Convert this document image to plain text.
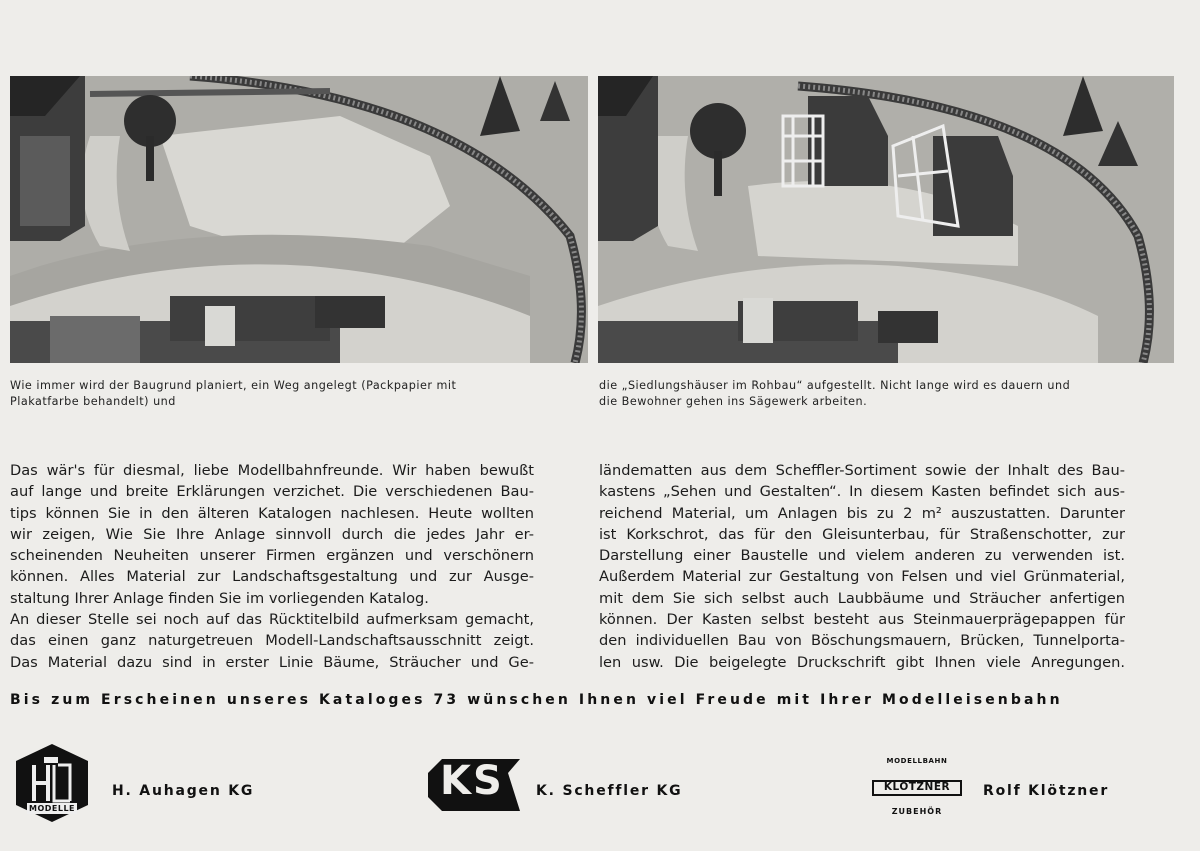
Wie immer wird der Baugrund planiert, ein Weg angelegt (Packpapier mit
Plakatfarbe behandelt) und
die „Siedlungshäuser im Rohbau“ aufgestellt. Nicht lange wird es dauern und
die Bewohner gehen ins Sägewerk arbeiten.

Das wär's für diesmal, liebe Modellbahnfreunde. Wir haben bewußt

auf lange und breite Erklärungen verzichet. Die verschiedenen Bau-

tips können Sie in den älteren Katalogen nachlesen. Heute wollten

wir zeigen, Wie Sie Ihre Anlage sinnvoll durch die jedes Jahr er-

scheinenden Neuheiten unserer Firmen ergänzen und verschönern

können. Alles Material zur Landschaftsgestaltung und zur Ausge-

staltung Ihrer Anlage finden Sie im vorliegenden Katalog.

An dieser Stelle sei noch auf das Rücktitelbild aufmerksam gemacht,

das einen ganz naturgetreuen Modell-Landschaftsausschnitt zeigt.

Das Material dazu sind in erster Linie Bäume, Sträucher und Ge-

ländematten aus dem Scheffler-Sortiment sowie der Inhalt des Bau-

kastens „Sehen und Gestalten“. In diesem Kasten befindet sich aus-

reichend Material, um Anlagen bis zu 2 m² auszustatten. Darunter

ist Korkschrot, das für den Gleisunterbau, für Straßenschotter, zur

Darstellung einer Baustelle und vielem anderen zu verwenden ist.

Außerdem Material zur Gestaltung von Felsen und viel Grünmaterial,

mit dem Sie sich selbst auch Laubbäume und Sträucher anfertigen

können. Der Kasten selbst besteht aus Steinmauerprägepappen für

den individuellen Bau von Böschungsmauern, Brücken, Tunnelporta-

len usw. Die beigelegte Druckschrift gibt Ihnen viele Anregungen.

Bis zum Erscheinen unseres Kataloges 73 wünschen Ihnen viel Freude mit Ihrer Modelleisenbahn
MODELLE
H. Auhagen KG	KS K. Scheffler KG	KLÖTZNER
MODELLBAHN
ZUBEHÖR
Rolf Klötzner
